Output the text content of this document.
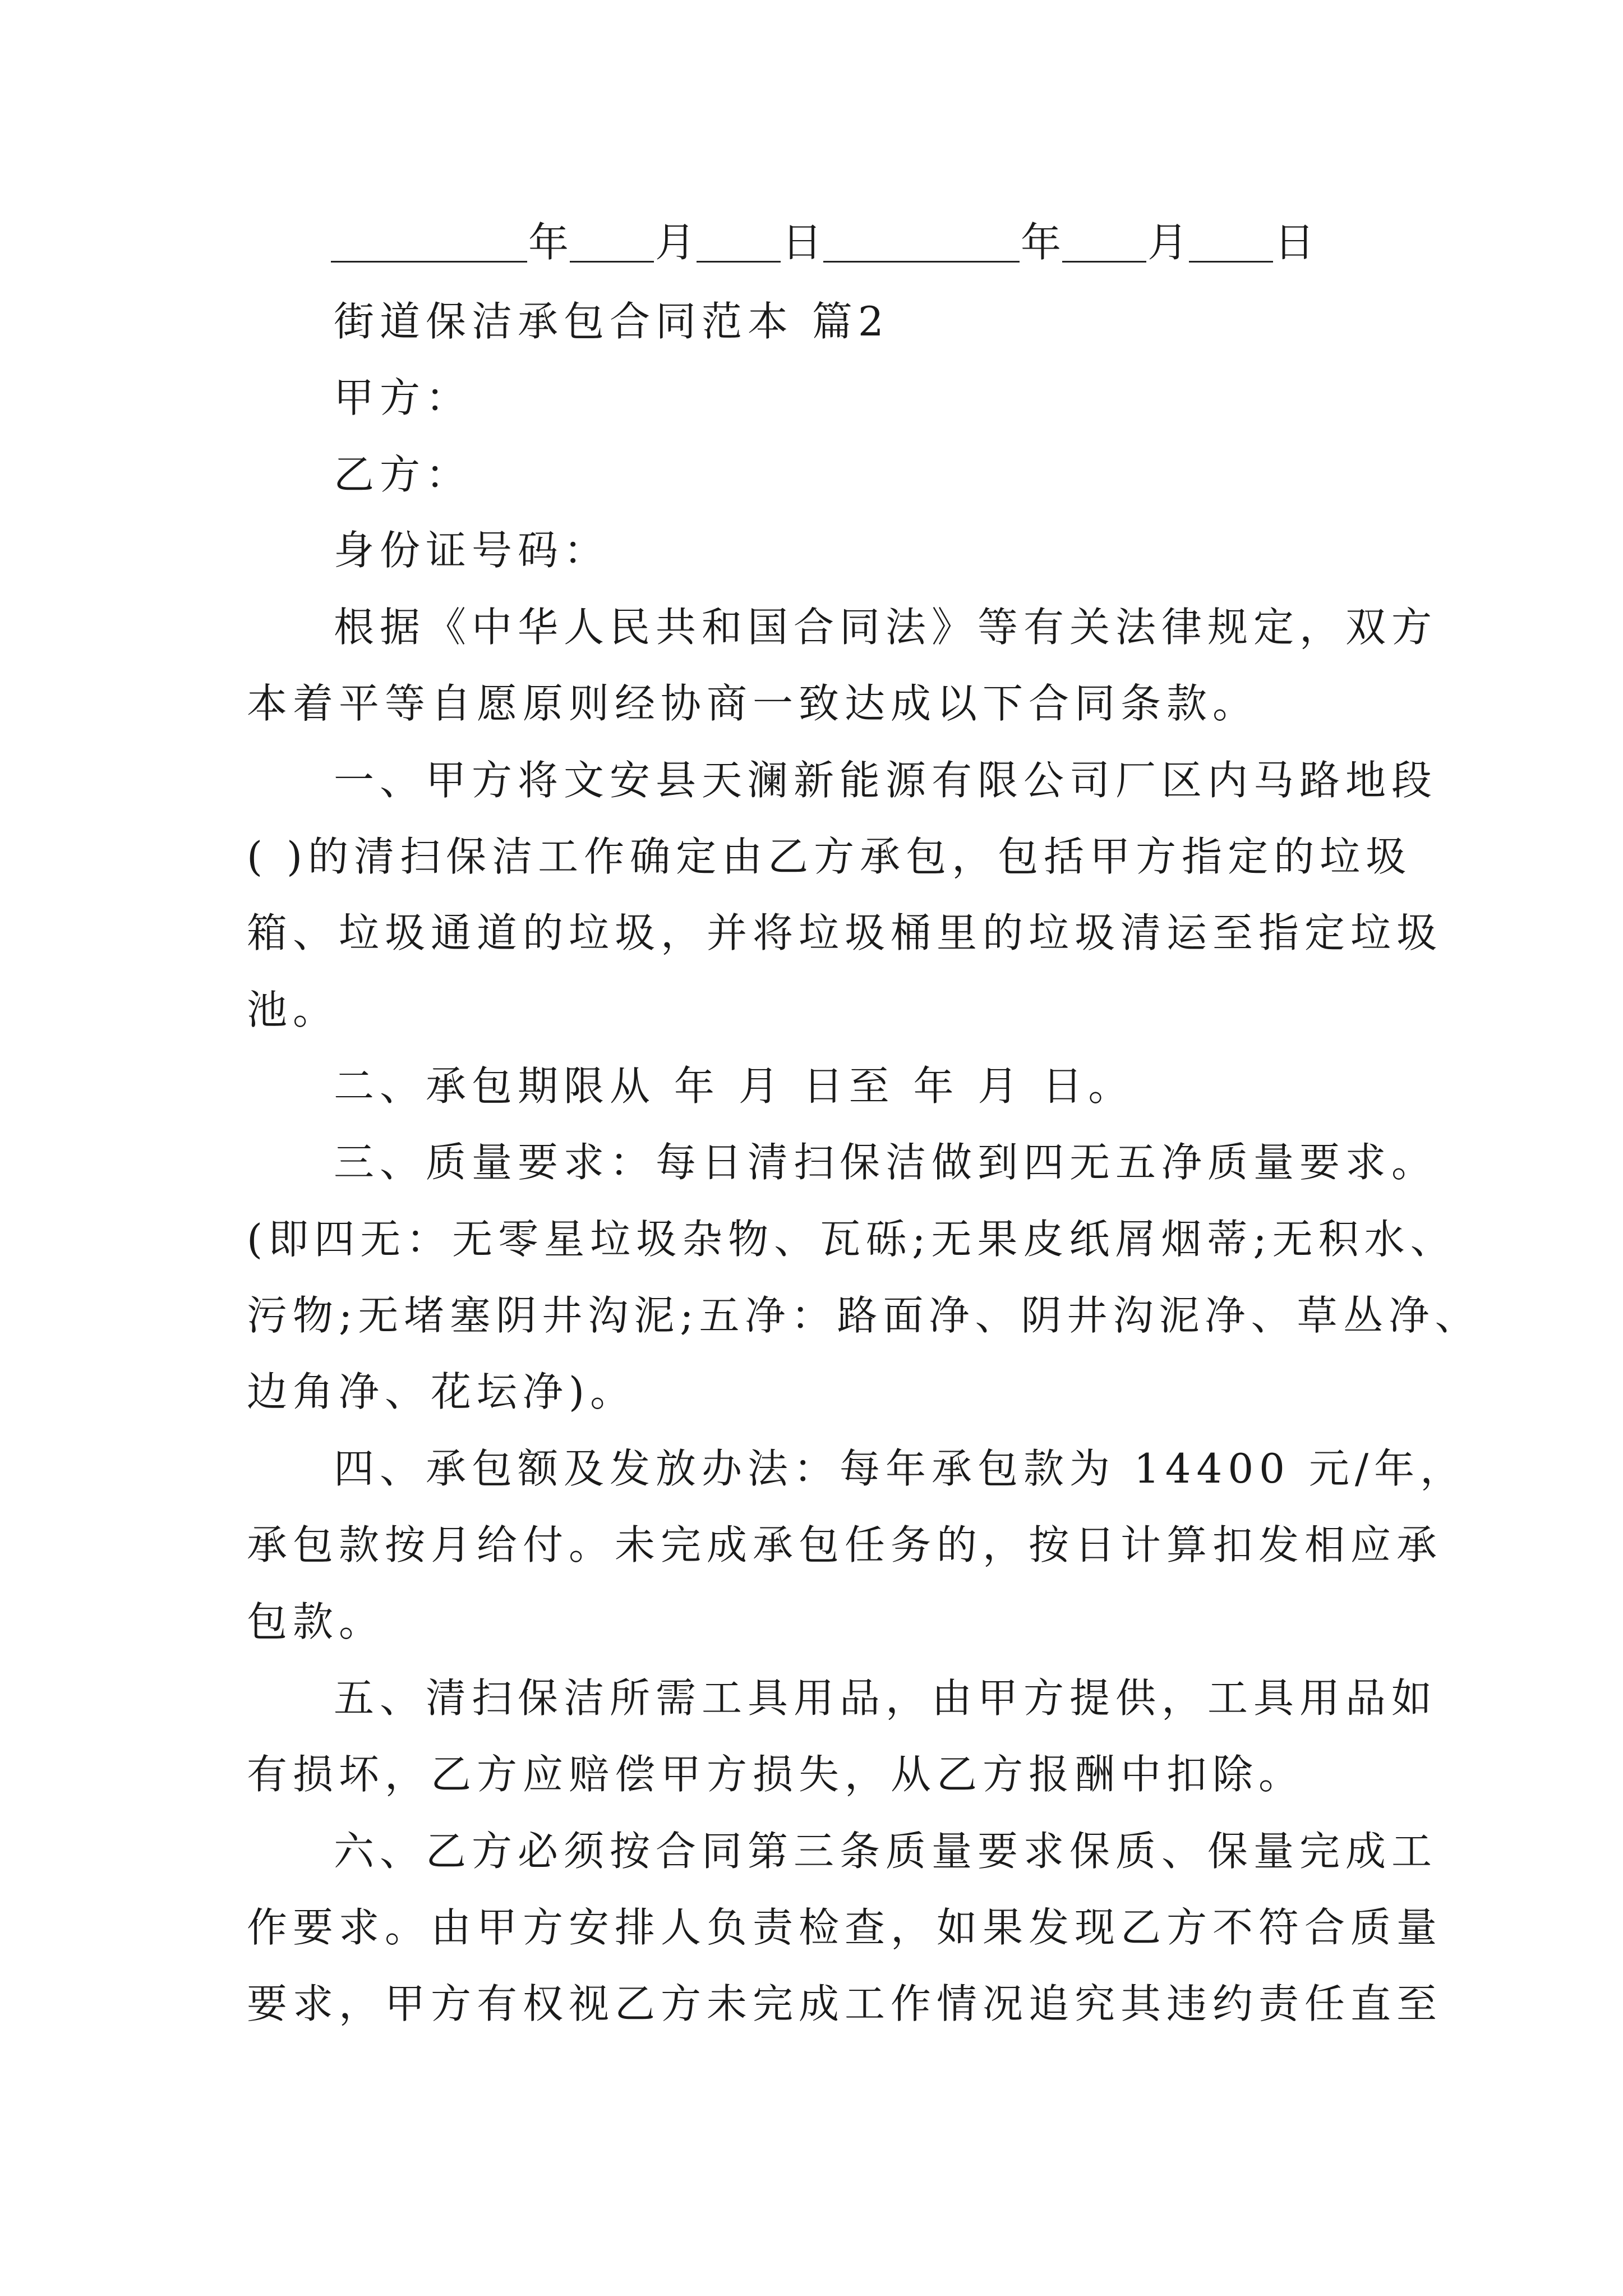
年 月 日	年 月 日
街道保洁承包合同范本 篇2
甲方：
乙方：
身份证号码：
根据《中华人民共和国合同法》等有关法律规定，双方
本着平等自愿原则经协商一致达成以下合同条款。
一、甲方将文安县天澜新能源有限公司厂区内马路地段
( )的清扫保洁工作确定由乙方承包，包括甲方指定的垃圾
箱、垃圾通道的垃圾，并将垃圾桶里的垃圾清运至指定垃圾
池。
二、承包期限从 年 月 日至 年 月 日。
三、质量要求：每日清扫保洁做到四无五净质量要求。
(即四无：无零星垃圾杂物、瓦砾;无果皮纸屑烟蒂;无积水、
污物;无堵塞阴井沟泥;五净：路面净、阴井沟泥净、草丛净、
边角净、花坛净)。
四、承包额及发放办法：每年承包款为 14400 元/年，
承包款按月给付。未完成承包任务的，按日计算扣发相应承
包款。
五、清扫保洁所需工具用品，由甲方提供，工具用品如
有损坏，乙方应赔偿甲方损失，从乙方报酬中扣除。
六、乙方必须按合同第三条质量要求保质、保量完成工
作要求。由甲方安排人负责检查，如果发现乙方不符合质量
要求，甲方有权视乙方未完成工作情况追究其违约责任直至
